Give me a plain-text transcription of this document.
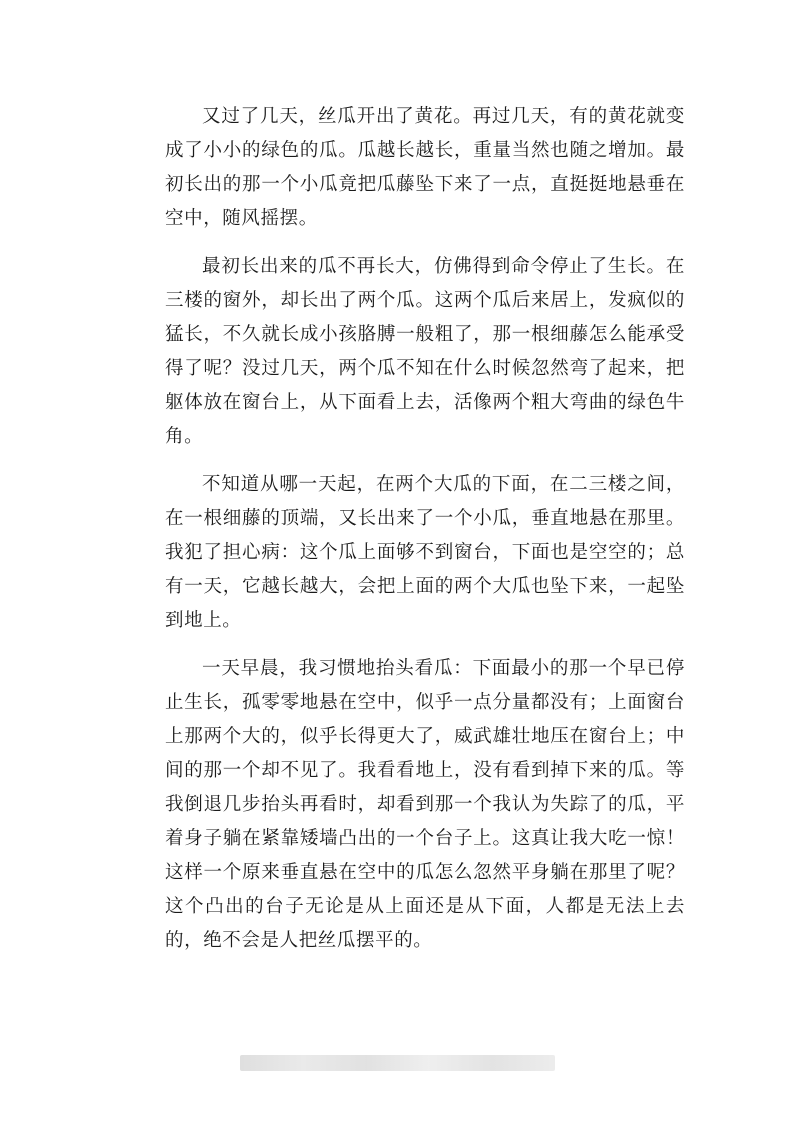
又过了几天，丝瓜开出了黄花。再过几天，有的黄花就变成了小小的绿色的瓜。瓜越长越长，重量当然也随之增加。最初长出的那一个小瓜竟把瓜藤坠下来了一点，直挺挺地悬垂在空中，随风摇摆。

最初长出来的瓜不再长大，仿佛得到命令停止了生长。在三楼的窗外，却长出了两个瓜。这两个瓜后来居上，发疯似的猛长，不久就长成小孩胳膊一般粗了，那一根细藤怎么能承受得了呢？没过几天，两个瓜不知在什么时候忽然弯了起来，把躯体放在窗台上，从下面看上去，活像两个粗大弯曲的绿色牛角。

不知道从哪一天起，在两个大瓜的下面，在二三楼之间，在一根细藤的顶端，又长出来了一个小瓜，垂直地悬在那里。我犯了担心病：这个瓜上面够不到窗台，下面也是空空的；总有一天，它越长越大，会把上面的两个大瓜也坠下来，一起坠到地上。

一天早晨，我习惯地抬头看瓜：下面最小的那一个早已停止生长，孤零零地悬在空中，似乎一点分量都没有；上面窗台上那两个大的，似乎长得更大了，威武雄壮地压在窗台上；中间的那一个却不见了。我看看地上，没有看到掉下来的瓜。等我倒退几步抬头再看时，却看到那一个我认为失踪了的瓜，平着身子躺在紧靠矮墙凸出的一个台子上。这真让我大吃一惊！这样一个原来垂直悬在空中的瓜怎么忽然平身躺在那里了呢？这个凸出的台子无论是从上面还是从下面，人都是无法上去的，绝不会是人把丝瓜摆平的。
